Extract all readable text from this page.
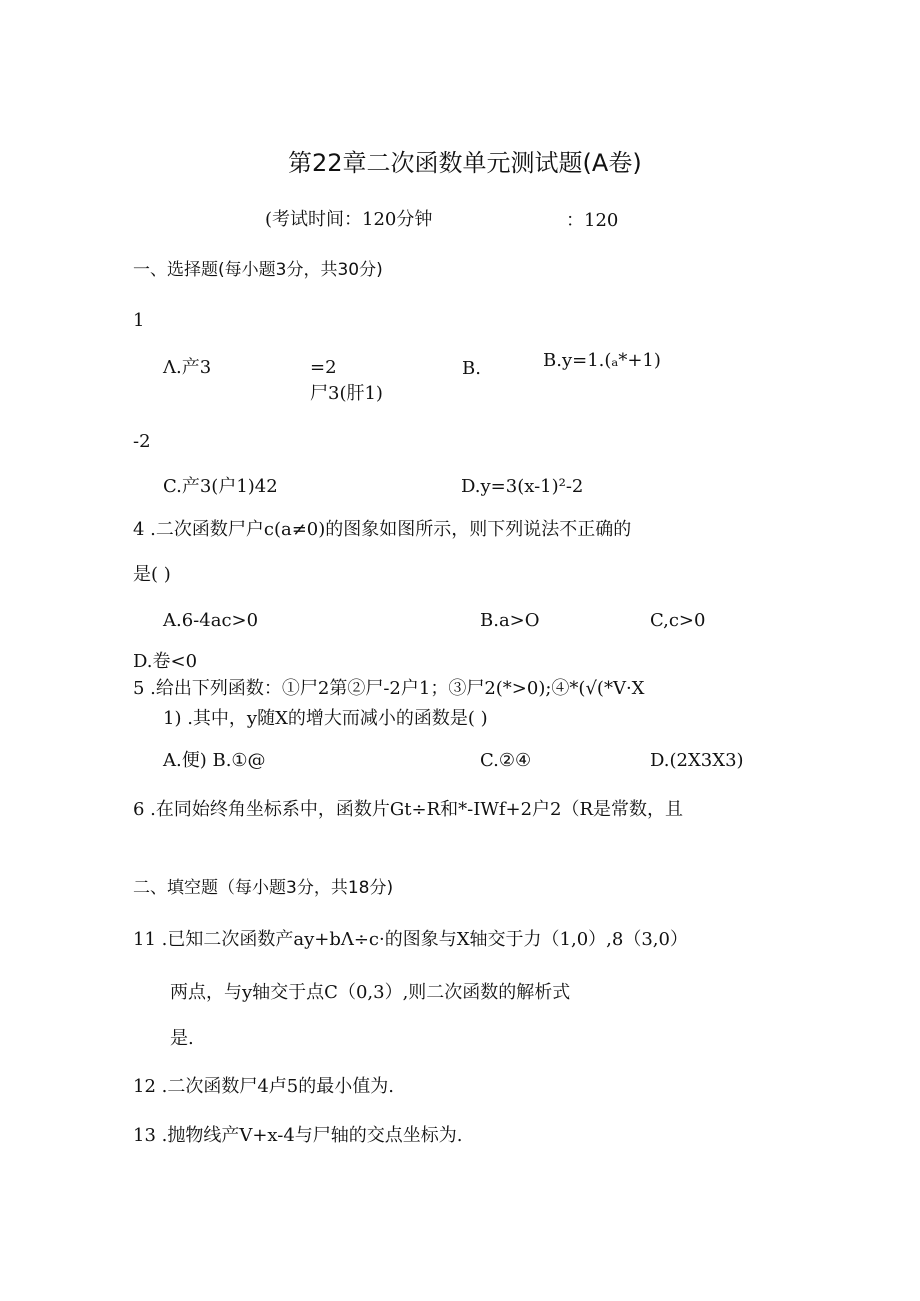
第22章二次函数单元测试题(A卷)
(考试时间：120分钟	：120
一、选择题(每小题3分，共30分)
1
Λ.产3	=2
尸3(肝1)
B.	B.y=1.(ₐ*+1)
-2
C.产3(户1)42	D.y=3(x-1)²-2
4 .二次函数尸户c(a≠0)的图象如图所示，则下列说法不正确的
是( )
A.6-4ac>0	B.a>O	C,c>0
D.卷<0
5 .给出下列函数：①尸2第②尸-2户1；③尸2(*>0);④*(√(*V·X
1) .其中，y随X的增大而减小的函数是( )
A.便) B.①@	C.②④	D.(2X3X3)
6 .在同始终角坐标系中，函数片Gt÷R和*-ⅠWf+2户2（R是常数，且
二、填空题（每小题3分，共18分)
11 .已知二次函数产ay+bΛ÷c·的图象与X轴交于力（1,0）,8（3,0）
两点，与y轴交于点C（0,3）,则二次函数的解析式
是.
12 .二次函数尸4卢5的最小值为.
13 .抛物线产V+x-4与尸轴的交点坐标为.
